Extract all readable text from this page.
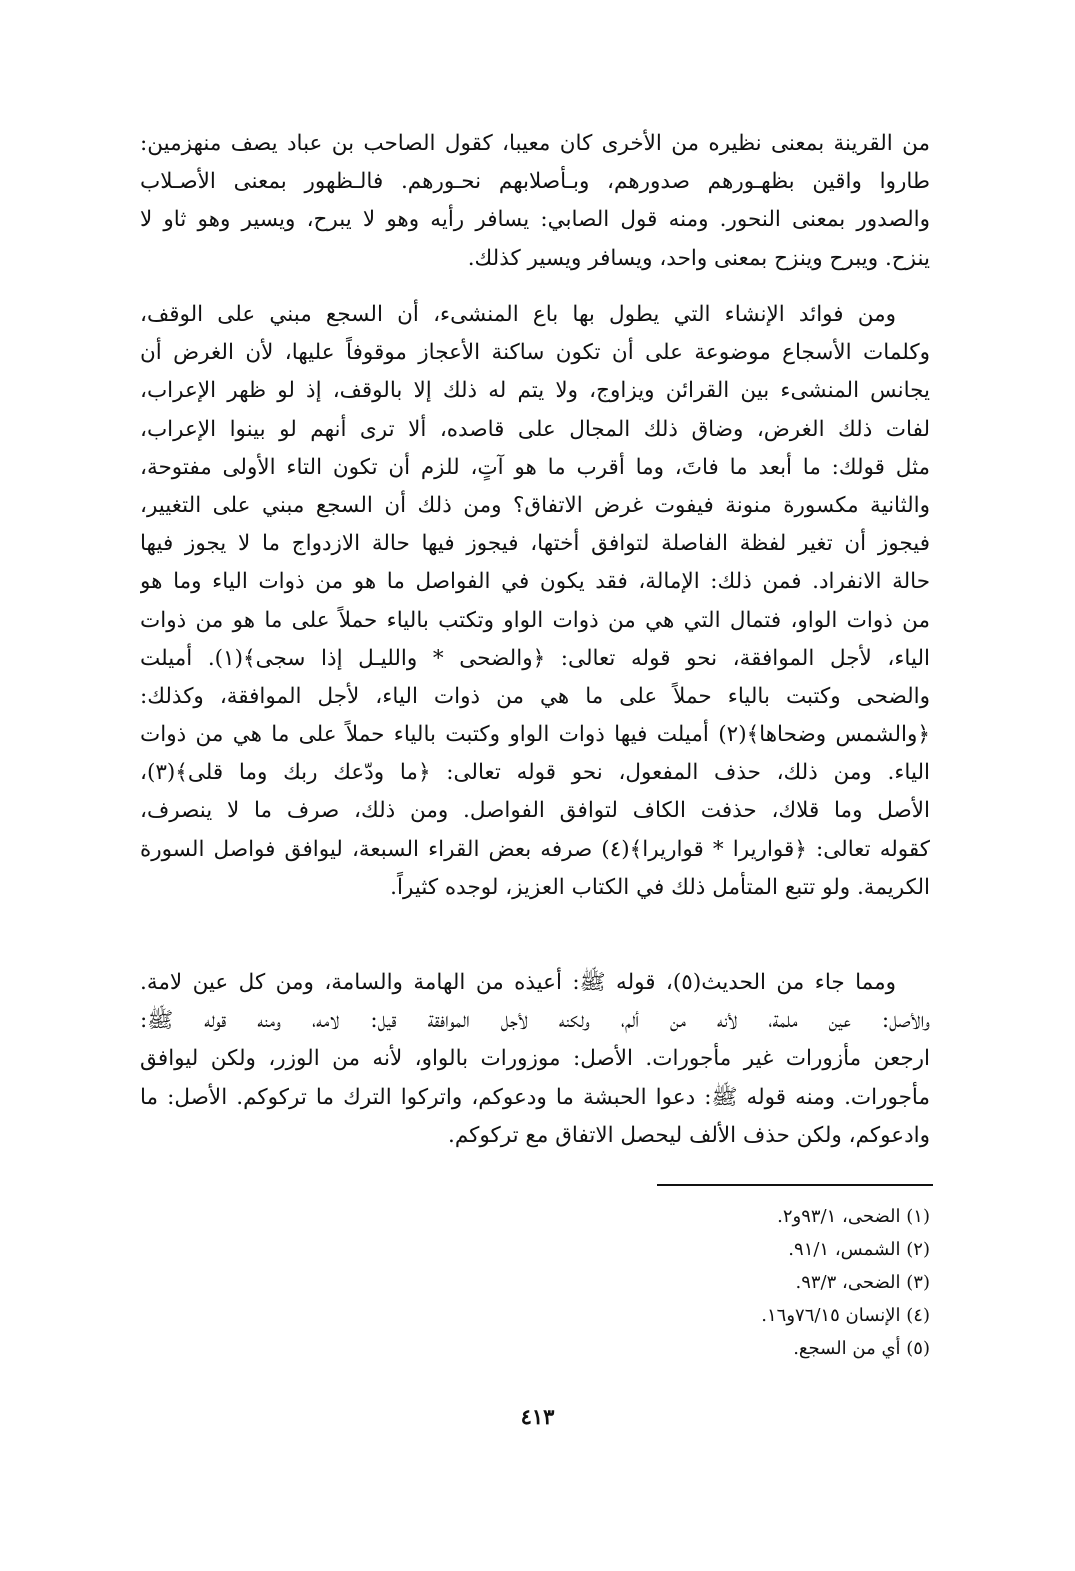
من القرينة بمعنى نظيره من الأخرى كان معيبا، كقول الصاحب بن عباد يصف منهزمين:
طاروا واقين بظهـورهم صدورهم، وبـأصلابهم نحـورهم. فالـظهور بمعنى الأصـلاب
والصدور بمعنى النحور. ومنه قول الصابي: يسافر رأيه وهو لا يبرح، ويسير وهو ثاو لا
ينزح. ويبرح وينزح بمعنى واحد، ويسافر ويسير كذلك.
ومن فوائد الإنشاء التي يطول بها باع المنشىء، أن السجع مبني على الوقف،
وكلمات الأسجاع موضوعة على أن تكون ساكنة الأعجاز موقوفاً عليها، لأن الغرض أن
يجانس المنشىء بين القرائن ويزاوج، ولا يتم له ذلك إلا بالوقف، إذ لو ظهر الإعراب،
لفات ذلك الغرض، وضاق ذلك المجال على قاصده، ألا ترى أنهم لو بينوا الإعراب،
مثل قولك: ما أبعد ما فاتَ، وما أقرب ما هو آتٍ، للزم أن تكون التاء الأولى مفتوحة،
والثانية مكسورة منونة فيفوت غرض الاتفاق؟ ومن ذلك أن السجع مبني على التغيير،
فيجوز أن تغير لفظة الفاصلة لتوافق أختها، فيجوز فيها حالة الازدواج ما لا يجوز فيها
حالة الانفراد. فمن ذلك: الإمالة، فقد يكون في الفواصل ما هو من ذوات الياء وما هو
من ذوات الواو، فتمال التي هي من ذوات الواو وتكتب بالياء حملاً على ما هو من ذوات
الياء، لأجل الموافقة، نحو قوله تعالى: ﴿والضحى * والليـل إذا سجى﴾(١). أميلت
والضحى وكتبت بالياء حملاً على ما هي من ذوات الياء، لأجل الموافقة، وكذلك:
﴿والشمس وضحاها﴾(٢) أميلت فيها ذوات الواو وكتبت بالياء حملاً على ما هي من ذوات
الياء. ومن ذلك، حذف المفعول، نحو قوله تعالى: ﴿ما ودّعك ربك وما قلى﴾(٣)،
الأصل وما قلاك، حذفت الكاف لتوافق الفواصل. ومن ذلك، صرف ما لا ينصرف،
كقوله تعالى: ﴿قواريرا * قواريرا﴾(٤) صرفه بعض القراء السبعة، ليوافق فواصل السورة
الكريمة. ولو تتبع المتأمل ذلك في الكتاب العزيز، لوجده كثيراً.
ومما جاء من الحديث(٥)، قوله ﷺ: أعيذه من الهامة والسامة، ومن كل عين لامة.
والأصل: عين ملمة، لأنه من ألم، ولكنه لأجل الموافقة قيل: لامه، ومنه قوله ﷺ:
ارجعن مأزورات غير مأجورات. الأصل: موزورات بالواو، لأنه من الوزر، ولكن ليوافق
مأجورات. ومنه قوله ﷺ: دعوا الحبشة ما ودعوكم، واتركوا الترك ما تركوكم. الأصل: ما
وادعوكم، ولكن حذف الألف ليحصل الاتفاق مع تركوكم.
(١) الضحى، ٩٣/١و٢.
(٢) الشمس، ٩١/١.
(٣) الضحى، ٩٣/٣.
(٤) الإنسان ٧٦/١٥و١٦.
(٥) أي من السجع.
٤١٣
